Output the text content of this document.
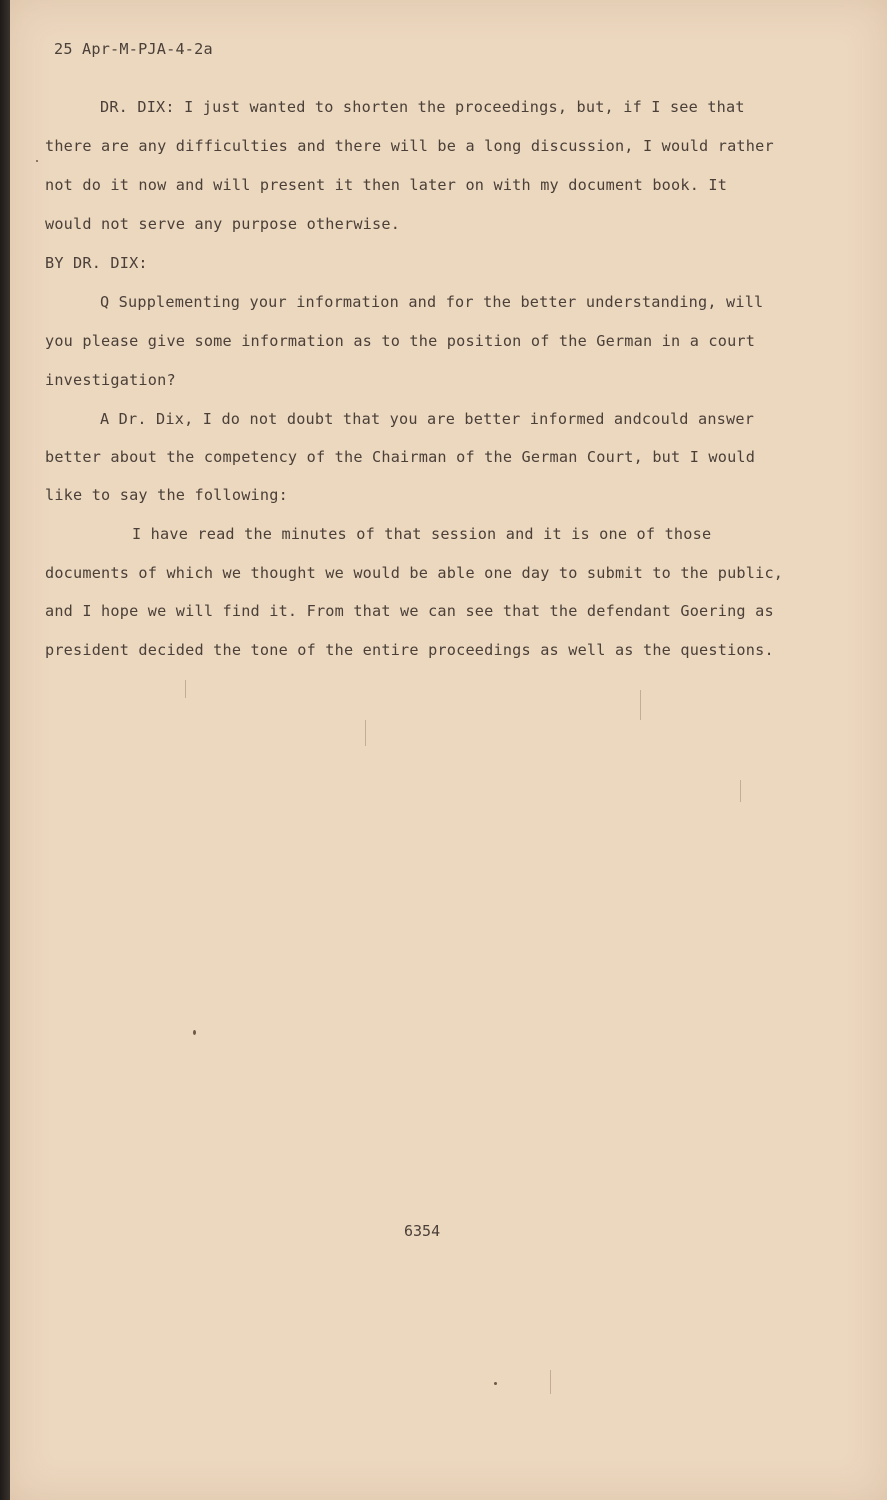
25 Apr-M-PJA-4-2a
DR. DIX: I just wanted to shorten the proceedings, but, if I see that
there are any difficulties and there will be a long discussion, I would rather
not do it now and will present it then later on with my document book. It
would not serve any purpose otherwise.
BY DR. DIX:
Q Supplementing your information and for the better understanding, will
you please give some information as to the position of the German in a court
investigation?
A Dr. Dix, I do not doubt that you are better informed andcould answer
better about the competency of the Chairman of the German Court, but I would
like to say the following:
I have read the minutes of that session and it is one of those
documents of which we thought we would be able one day to submit to the public,
and I hope we will find it. From that we can see that the defendant Goering as
president decided the tone of the entire proceedings as well as the questions.
6354
